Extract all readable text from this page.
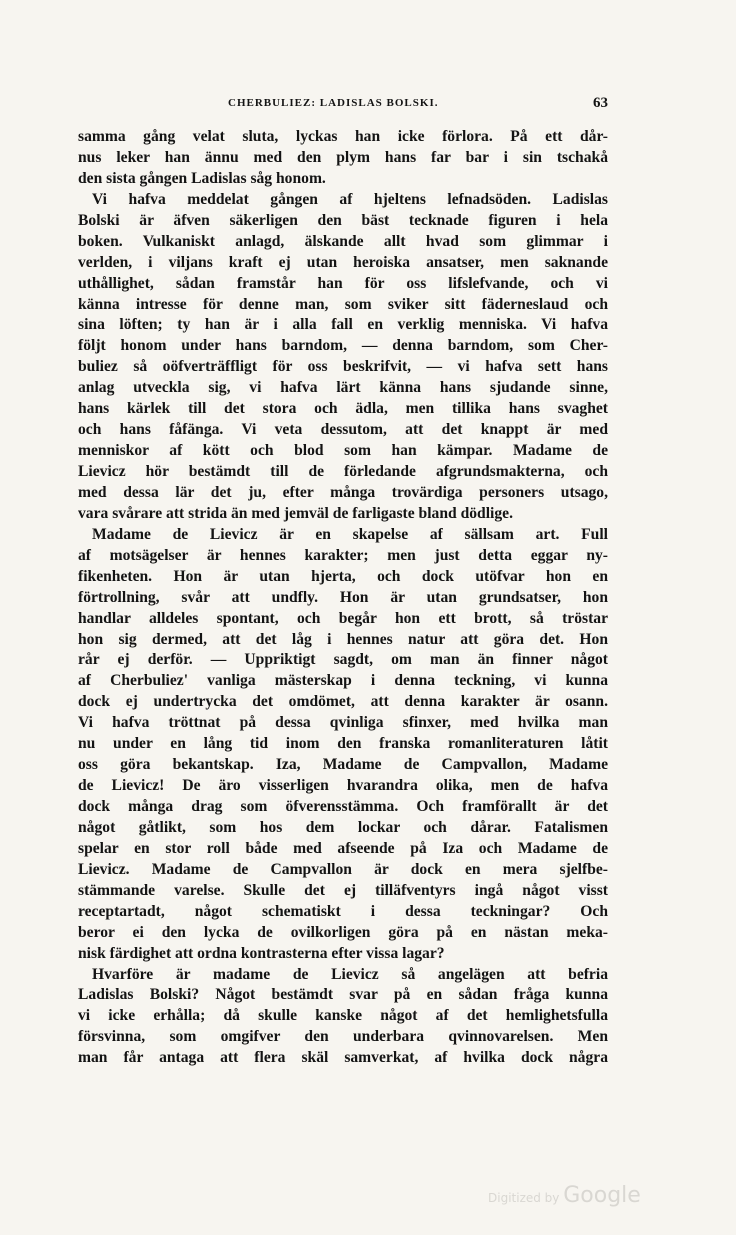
CHERBULIEZ: LADISLAS BOLSKI.	63
samma gång velat sluta, lyckas han icke förlora. På ett dår-
nus leker han ännu med den plym hans far bar i sin tschakå
den sista gången Ladislas såg honom.
Vi hafva meddelat gången af hjeltens lefnadsöden. Ladislas
Bolski är äfven säkerligen den bäst tecknade figuren i hela
boken. Vulkaniskt anlagd, älskande allt hvad som glimmar i
verlden, i viljans kraft ej utan heroiska ansatser, men saknande
uthållighet, sådan framstår han för oss lifslefvande, och vi
känna intresse för denne man, som sviker sitt fäderneslaud och
sina löften; ty han är i alla fall en verklig menniska. Vi hafva
följt honom under hans barndom, — denna barndom, som Cher-
buliez så oöfverträffligt för oss beskrifvit, — vi hafva sett hans
anlag utveckla sig, vi hafva lärt känna hans sjudande sinne,
hans kärlek till det stora och ädla, men tillika hans svaghet
och hans fåfänga. Vi veta dessutom, att det knappt är med
menniskor af kött och blod som han kämpar. Madame de
Lievicz hör bestämdt till de förledande afgrundsmakterna, och
med dessa lär det ju, efter många trovärdiga personers utsago,
vara svårare att strida än med jemväl de farligaste bland dödlige.
Madame de Lievicz är en skapelse af sällsam art. Full
af motsägelser är hennes karakter; men just detta eggar ny-
fikenheten. Hon är utan hjerta, och dock utöfvar hon en
förtrollning, svår att undfly. Hon är utan grundsatser, hon
handlar alldeles spontant, och begår hon ett brott, så tröstar
hon sig dermed, att det låg i hennes natur att göra det. Hon
rår ej derför. — Uppriktigt sagdt, om man än finner något
af Cherbuliez' vanliga mästerskap i denna teckning, vi kunna
dock ej undertrycka det omdömet, att denna karakter är osann.
Vi hafva tröttnat på dessa qvinliga sfinxer, med hvilka man
nu under en lång tid inom den franska romanliteraturen låtit
oss göra bekantskap. Iza, Madame de Campvallon, Madame
de Lievicz! De äro visserligen hvarandra olika, men de hafva
dock många drag som öfverensstämma. Och framförallt är det
något gåtlikt, som hos dem lockar och dårar. Fatalismen
spelar en stor roll både med afseende på Iza och Madame de
Lievicz. Madame de Campvallon är dock en mera sjelfbe-
stämmande varelse. Skulle det ej tilläfventyrs ingå något visst
receptartadt, något schematiskt i dessa teckningar? Och
beror ei den lycka de ovilkorligen göra på en nästan meka-
nisk färdighet att ordna kontrasterna efter vissa lagar?
Hvarföre är madame de Lievicz så angelägen att befria
Ladislas Bolski? Något bestämdt svar på en sådan fråga kunna
vi icke erhålla; då skulle kanske något af det hemlighetsfulla
försvinna, som omgifver den underbara qvinnovarelsen. Men
man får antaga att flera skäl samverkat, af hvilka dock några
Digitized by Google
